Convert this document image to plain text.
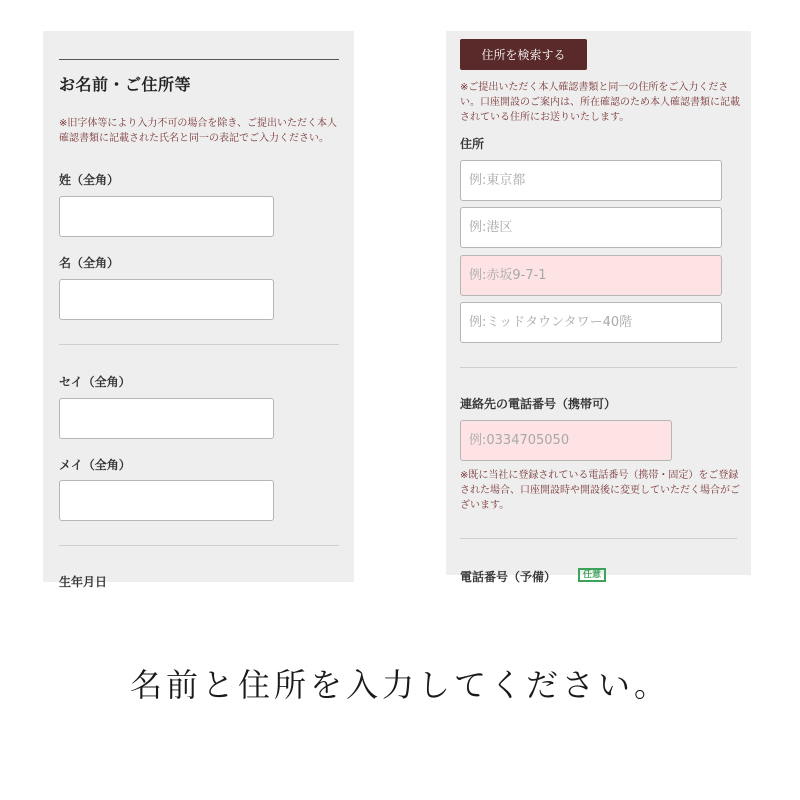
お名前・ご住所等
※旧字体等により入力不可の場合を除き、ご提出いただく本人確認書類に記載された氏名と同一の表記でご入力ください。
姓（全角）
名（全角）
セイ（全角）
メイ（全角）
生年月日
住所を検索する
※ご提出いただく本人確認書類と同一の住所をご入力ください。口座開設のご案内は、所在確認のため本人確認書類に記載されている住所にお送りいたします。
住所
例:東京都
例:港区
例:赤坂9-7-1
例:ミッドタウンタワー40階
連絡先の電話番号（携帯可）
例:0334705050
※既に当社に登録されている電話番号（携帯・固定）をご登録された場合、口座開設時や開設後に変更していただく場合がございます。
電話番号（予備）	任意
名前と住所を入力してください。
